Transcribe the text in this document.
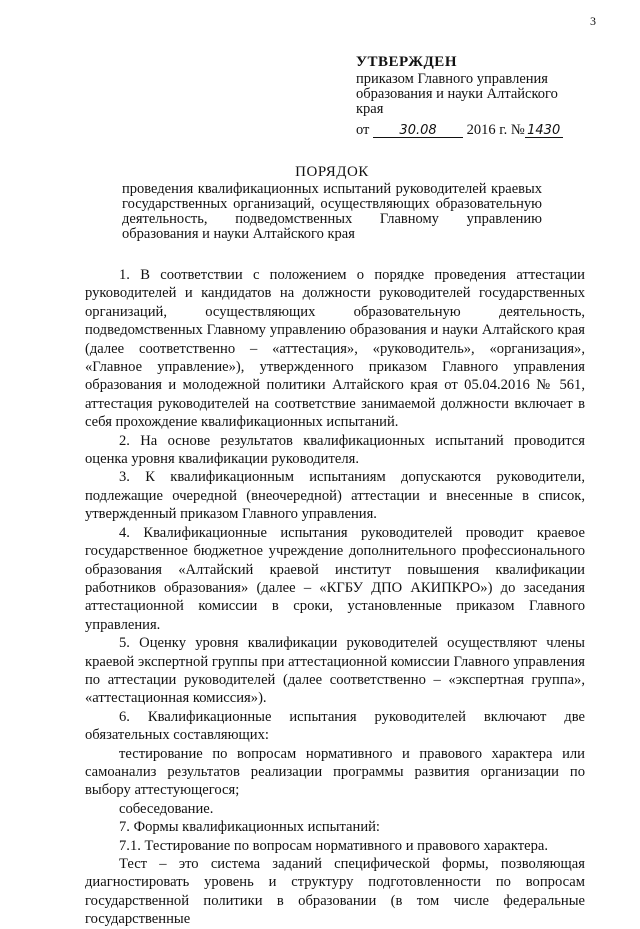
3
УТВЕРЖДЕН
приказом Главного управления
образования и науки Алтайского
края
от 30.08 2016 г. № 1430
ПОРЯДОК
проведения квалификационных испытаний руководителей краевых государственных организаций, осуществляющих образовательную деятельность, подведомственных Главному управлению образования и науки Алтайского края

1. В соответствии с положением о порядке проведения аттестации руководителей и кандидатов на должности руководителей государственных организаций, осуществляющих образовательную деятельность, подведомственных Главному управлению образования и науки Алтайского края (далее соответственно – «аттестация», «руководитель», «организация», «Главное управление»), утвержденного приказом Главного управления образования и молодежной политики Алтайского края от 05.04.2016 № 561, аттестация руководителей на соответствие занимаемой должности включает в себя прохождение квалификационных испытаний.

2. На основе результатов квалификационных испытаний проводится оценка уровня квалификации руководителя.

3. К квалификационным испытаниям допускаются руководители, подлежащие очередной (внеочередной) аттестации и внесенные в список, утвержденный приказом Главного управления.

4. Квалификационные испытания руководителей проводит краевое государственное бюджетное учреждение дополнительного профессионального образования «Алтайский краевой институт повышения квалификации работников образования» (далее – «КГБУ ДПО АКИПКРО») до заседания аттестационной комиссии в сроки, установленные приказом Главного управления.

5. Оценку уровня квалификации руководителей осуществляют члены краевой экспертной группы при аттестационной комиссии Главного управления по аттестации руководителей (далее соответственно – «экспертная группа», «аттестационная комиссия»).

6. Квалификационные испытания руководителей включают две обязательных составляющих:

тестирование по вопросам нормативного и правового характера или самоанализ результатов реализации программы развития организации по выбору аттестующегося;

собеседование.

7. Формы квалификационных испытаний:

7.1. Тестирование по вопросам нормативного и правового характера.

Тест – это система заданий специфической формы, позволяющая диагностировать уровень и структуру подготовленности по вопросам государственной политики в образовании (в том числе федеральные государственные
